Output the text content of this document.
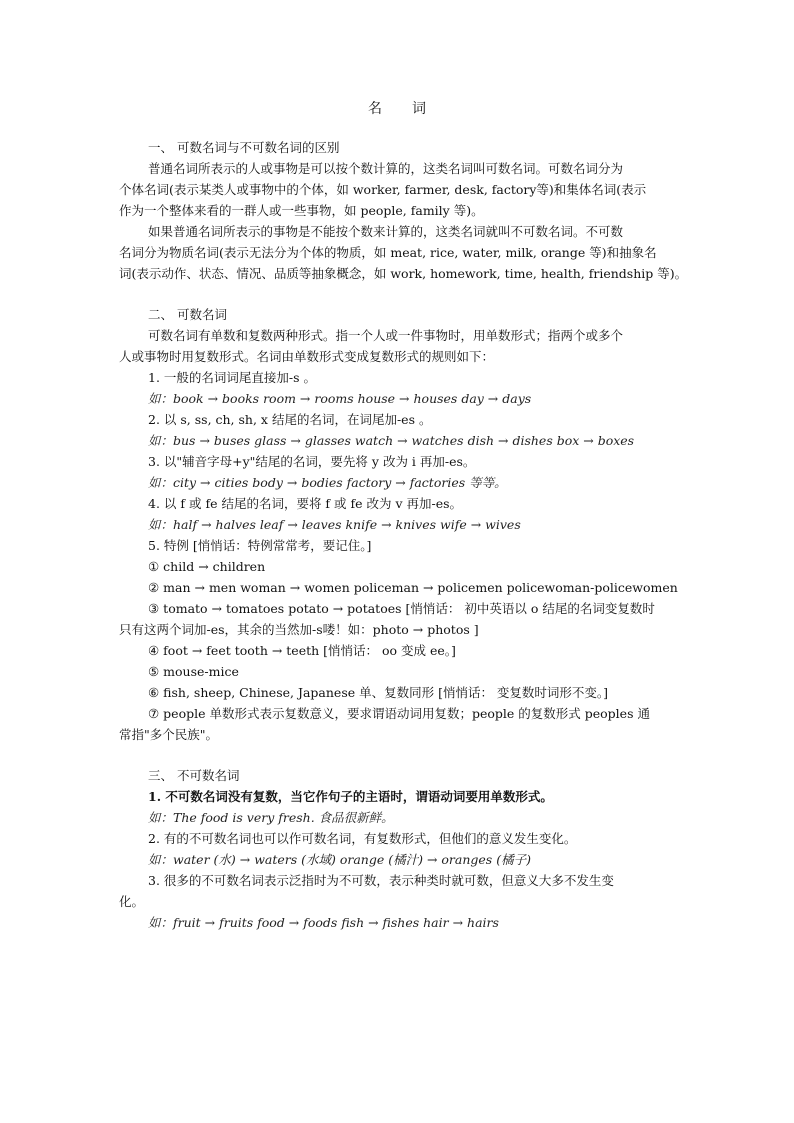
名 词
一、 可数名词与不可数名词的区别
普通名词所表示的人或事物是可以按个数计算的，这类名词叫可数名词。可数名词分为
个体名词(表示某类人或事物中的个体，如 worker, farmer, desk, factory等)和集体名词(表示
作为一个整体来看的一群人或一些事物，如 people, family 等)。
如果普通名词所表示的事物是不能按个数来计算的，这类名词就叫不可数名词。不可数
名词分为物质名词(表示无法分为个体的物质，如 meat, rice, water, milk, orange 等)和抽象名
词(表示动作、状态、情况、品质等抽象概念，如 work, homework, time, health, friendship 等)。
二、 可数名词
可数名词有单数和复数两种形式。指一个人或一件事物时，用单数形式；指两个或多个
人或事物时用复数形式。名词由单数形式变成复数形式的规则如下：
1. 一般的名词词尾直接加-s 。
如：book → books room → rooms house → houses day → days
2. 以 s, ss, ch, sh, x 结尾的名词，在词尾加-es 。
如：bus → buses glass → glasses watch → watches dish → dishes box → boxes
3. 以"辅音字母+y"结尾的名词，要先将 y 改为 i 再加-es。
如：city → cities body → bodies factory → factories 等等。
4. 以 f 或 fe 结尾的名词，要将 f 或 fe 改为 v 再加-es。
如：half → halves leaf → leaves knife → knives wife → wives
5. 特例 [悄悄话：特例常常考，要记住。]
① child → children
② man → men woman → women policeman → policemen policewoman-policewomen
③ tomato → tomatoes potato → potatoes [悄悄话： 初中英语以 o 结尾的名词变复数时
只有这两个词加-es，其余的当然加-s喽！如：photo → photos ]
④ foot → feet tooth → teeth [悄悄话： oo 变成 ee。]
⑤ mouse-mice
⑥ fish, sheep, Chinese, Japanese 单、复数同形 [悄悄话： 变复数时词形不变。]
⑦ people 单数形式表示复数意义，要求谓语动词用复数；people 的复数形式 peoples 通
常指"多个民族"。
三、 不可数名词
1. 不可数名词没有复数，当它作句子的主语时，谓语动词要用单数形式。
如：The food is very fresh. 食品很新鲜。
2. 有的不可数名词也可以作可数名词，有复数形式，但他们的意义发生变化。
如：water (水) → waters (水域) orange (橘汁) → oranges (橘子)
3. 很多的不可数名词表示泛指时为不可数，表示种类时就可数，但意义大多不发生变
化。
如：fruit → fruits food → foods fish → fishes hair → hairs
